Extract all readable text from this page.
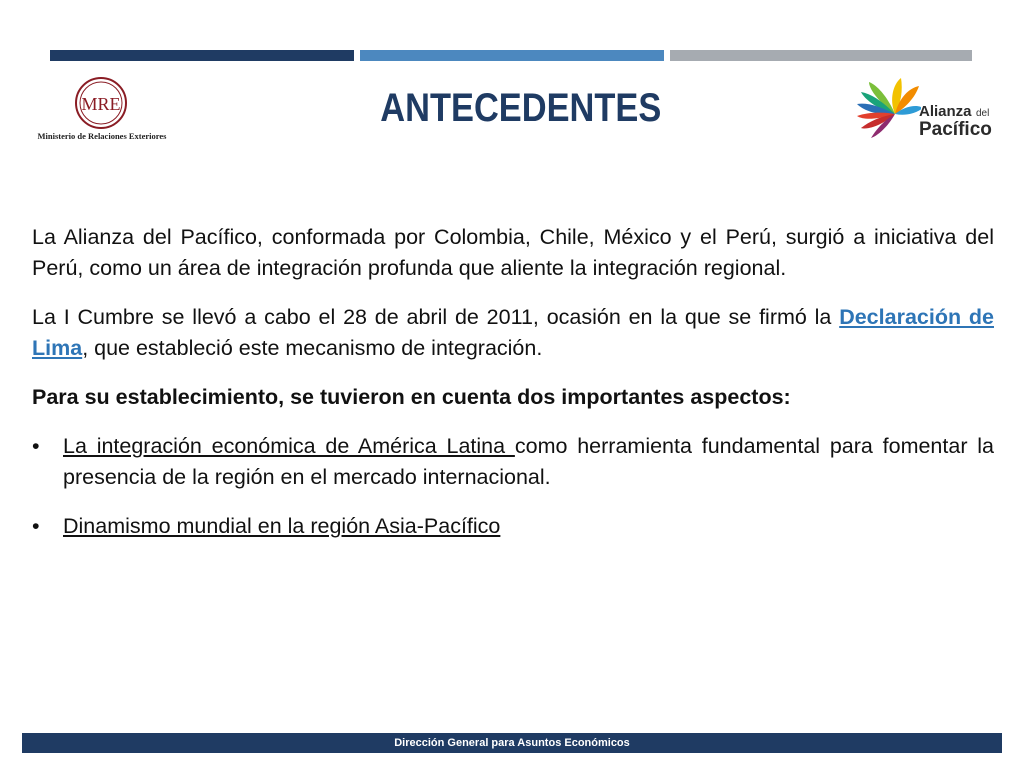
MRE
Ministerio de Relaciones Exteriores
ANTECEDENTES	Alianza del
Pacífico

La Alianza del Pacífico, conformada por Colombia, Chile, México y el Perú, surgió a iniciativa del Perú, como un área de integración profunda que aliente la integración regional.

La I Cumbre se llevó a cabo el 28 de abril de 2011, ocasión en la que se firmó la Declaración de Lima, que estableció este mecanismo de integración.

Para su establecimiento, se tuvieron en cuenta dos importantes aspectos:

• La integración económica de América Latina como herramienta fundamental para fomentar la presencia de la región en el mercado internacional.
• Dinamismo mundial en la región Asia-Pacífico
Dirección General para Asuntos Económicos
